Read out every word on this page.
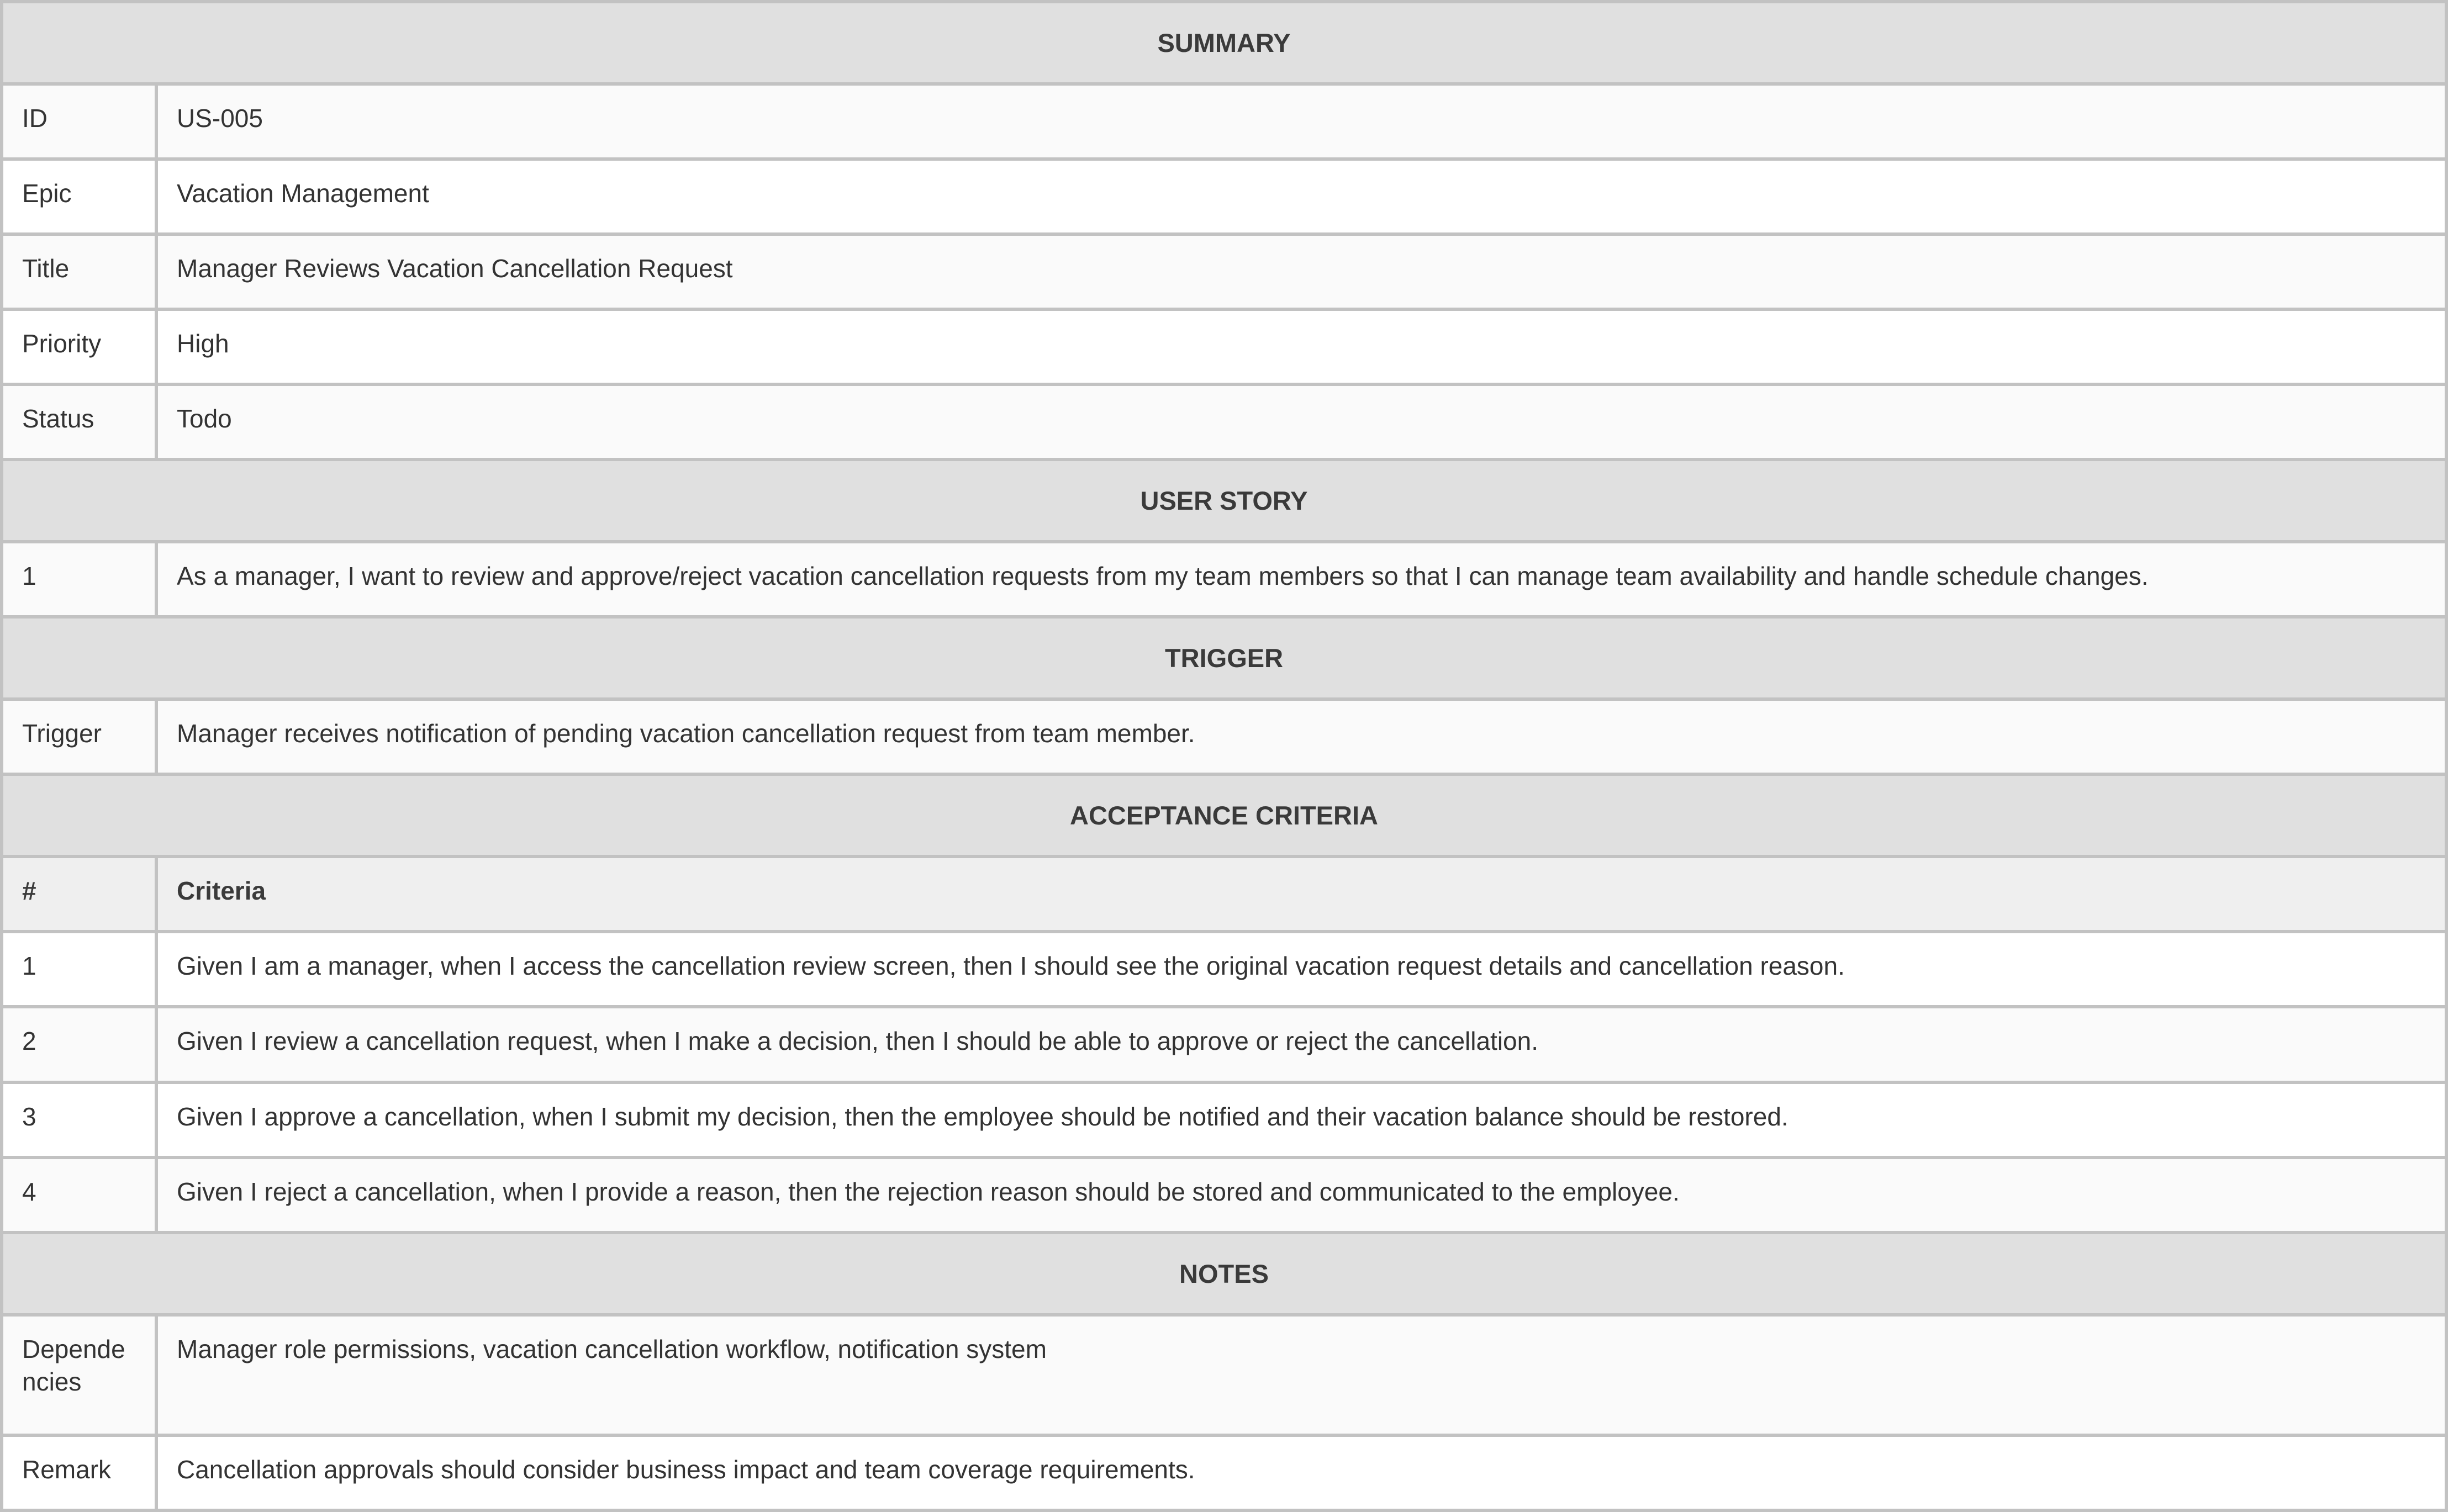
SUMMARY	
ID	US-005
Epic	Vacation Management
Title	Manager Reviews Vacation Cancellation Request
Priority	High
Status	Todo
USER STORY	
1	As a manager, I want to review and approve/reject vacation cancellation requests from my team members so that I can manage team availability and handle schedule changes.
TRIGGER	
Trigger	Manager receives notification of pending vacation cancellation request from team member.
ACCEPTANCE CRITERIA	
#	Criteria
1	Given I am a manager, when I access the cancellation review screen, then I should see the original vacation request details and cancellation reason.
2	Given I review a cancellation request, when I make a decision, then I should be able to approve or reject the cancellation.
3	Given I approve a cancellation, when I submit my decision, then the employee should be notified and their vacation balance should be restored.
4	Given I reject a cancellation, when I provide a reason, then the rejection reason should be stored and communicated to the employee.
NOTES	
Dependencies	Manager role permissions, vacation cancellation workflow, notification system
Remark	Cancellation approvals should consider business impact and team coverage requirements.
